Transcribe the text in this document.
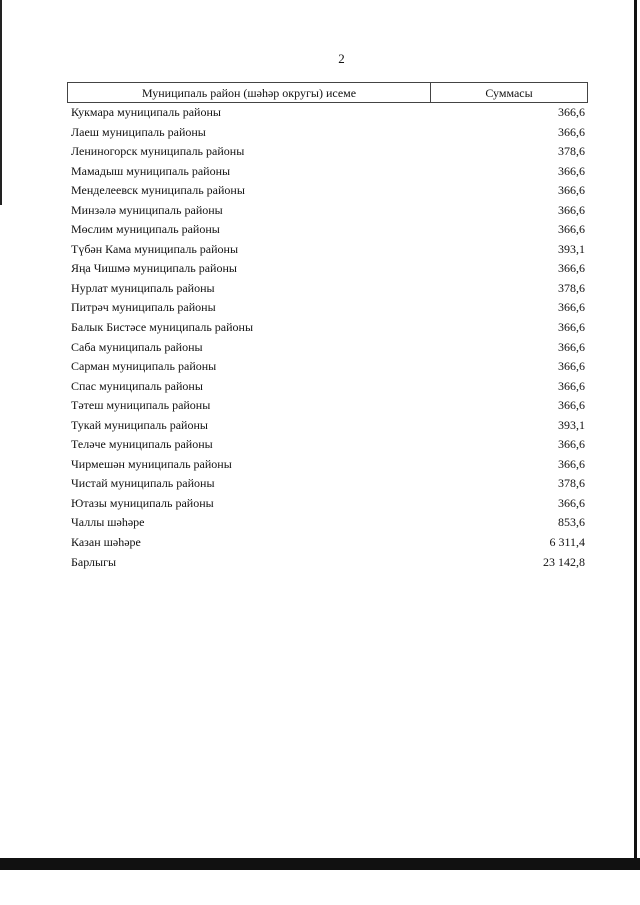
2
Муниципаль район (шәһәр округы) исеме	Суммасы
Кукмара муниципаль районы	366,6
Лаеш муниципаль районы	366,6
Лениногорск муниципаль районы	378,6
Мамадыш муниципаль районы	366,6
Менделеевск муниципаль районы	366,6
Минзәлә муниципаль районы	366,6
Мөслим муниципаль районы	366,6
Түбән Кама муниципаль районы	393,1
Яңа Чишмә муниципаль районы	366,6
Нурлат муниципаль районы	378,6
Питрәч муниципаль районы	366,6
Балык Бистәсе муниципаль районы	366,6
Саба муниципаль районы	366,6
Сарман муниципаль районы	366,6
Спас муниципаль районы	366,6
Тәтеш муниципаль районы	366,6
Тукай муниципаль районы	393,1
Теләче муниципаль районы	366,6
Чирмешән муниципаль районы	366,6
Чистай муниципаль районы	378,6
Ютазы муниципаль районы	366,6
Чаллы шәһәре	853,6
Казан шәһәре	6 311,4
Барлыгы	23 142,8
